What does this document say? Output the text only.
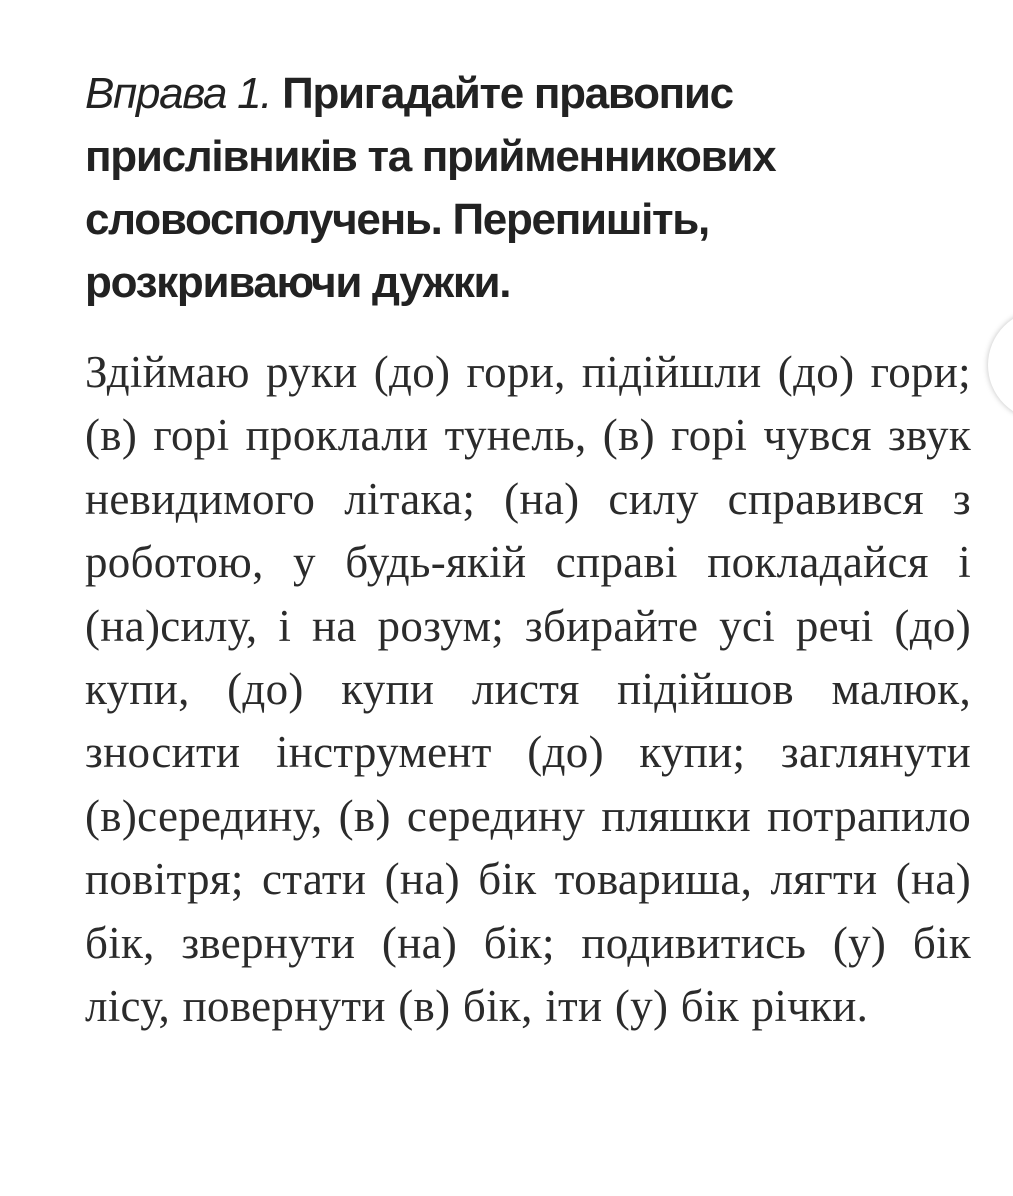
Вправа 1. Пригадайте правопис прислівників та прийменникових словосполучень. Перепишіть, розкриваючи дужки.

Здіймаю руки (до) гори, підійшли (до) гори; (в) горі проклали тунель, (в) горі чувся звук невидимого літака; (на) силу справився з роботою, у будь-якій справі покладайся і (на)силу, і на розум; збирайте усі речі (до) купи, (до) купи листя підійшов малюк, зносити інструмент (до) купи; заглянути (в)середину, (в) середину пляшки потрапило повітря; стати (на) бік товариша, лягти (на) бік, звернути (на) бік; подивитись (у) бік лісу, повернути (в) бік, іти (у) бік річки.
